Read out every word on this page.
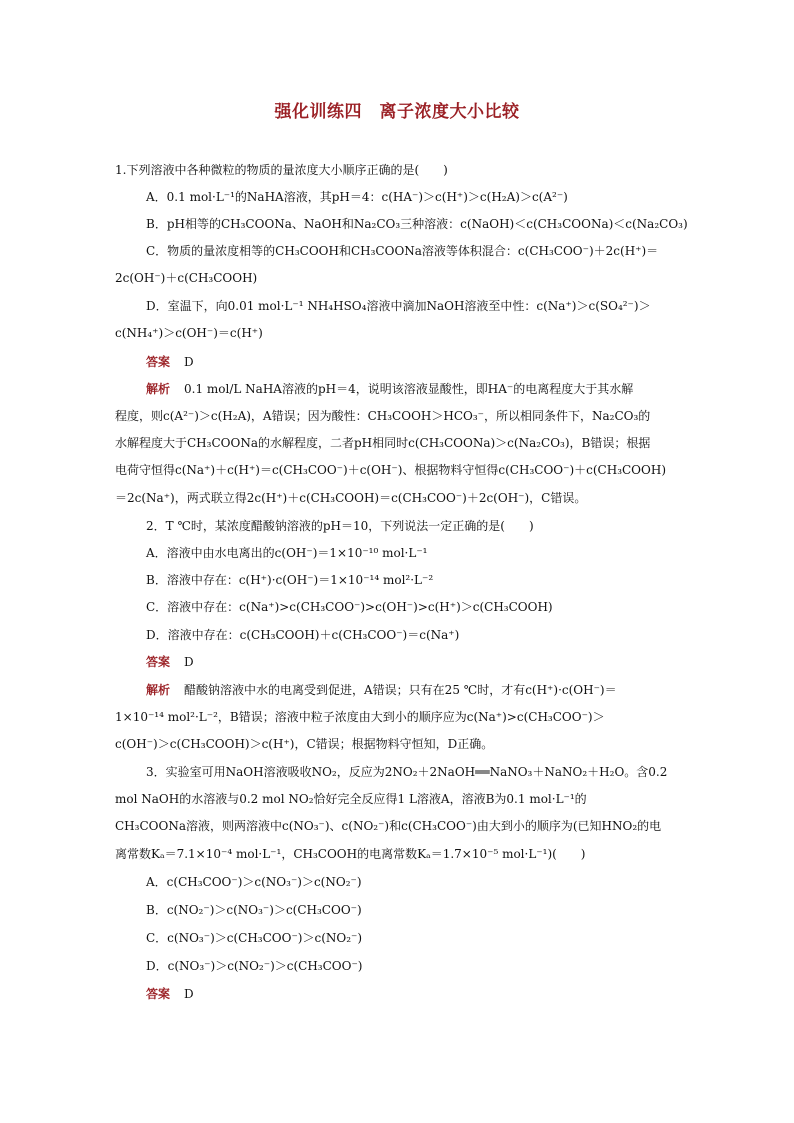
强化训练四　离子浓度大小比较
1.下列溶液中各种微粒的物质的量浓度大小顺序正确的是(　　)
A．0.1 mol·L⁻¹的NaHA溶液，其pH＝4：c(HA⁻)＞c(H⁺)＞c(H₂A)＞c(A²⁻)
B．pH相等的CH₃COONa、NaOH和Na₂CO₃三种溶液：c(NaOH)＜c(CH₃COONa)＜c(Na₂CO₃)
C．物质的量浓度相等的CH₃COOH和CH₃COONa溶液等体积混合：c(CH₃COO⁻)＋2c(H⁺)＝
2c(OH⁻)＋c(CH₃COOH)
D．室温下，向0.01 mol·L⁻¹ NH₄HSO₄溶液中滴加NaOH溶液至中性：c(Na⁺)＞c(SO₄²⁻)＞
c(NH₄⁺)＞c(OH⁻)＝c(H⁺)
答案 D
解析 0.1 mol/L NaHA溶液的pH＝4，说明该溶液显酸性，即HA⁻的电离程度大于其水解
程度，则c(A²⁻)＞c(H₂A)，A错误；因为酸性：CH₃COOH＞HCO₃⁻，所以相同条件下，Na₂CO₃的
水解程度大于CH₃COONa的水解程度，二者pH相同时c(CH₃COONa)＞c(Na₂CO₃)，B错误；根据
电荷守恒得c(Na⁺)＋c(H⁺)＝c(CH₃COO⁻)＋c(OH⁻)、根据物料守恒得c(CH₃COO⁻)＋c(CH₃COOH)
＝2c(Na⁺)，两式联立得2c(H⁺)＋c(CH₃COOH)＝c(CH₃COO⁻)＋2c(OH⁻)，C错误。
2．T ℃时，某浓度醋酸钠溶液的pH＝10，下列说法一定正确的是(　　)
A．溶液中由水电离出的c(OH⁻)＝1×10⁻¹⁰ mol·L⁻¹
B．溶液中存在：c(H⁺)·c(OH⁻)＝1×10⁻¹⁴ mol²·L⁻²
C．溶液中存在：c(Na⁺)>c(CH₃COO⁻)>c(OH⁻)>c(H⁺)＞c(CH₃COOH)
D．溶液中存在：c(CH₃COOH)＋c(CH₃COO⁻)＝c(Na⁺)
答案 D
解析 醋酸钠溶液中水的电离受到促进，A错误；只有在25 ℃时，才有c(H⁺)·c(OH⁻)＝
1×10⁻¹⁴ mol²·L⁻²，B错误；溶液中粒子浓度由大到小的顺序应为c(Na⁺)>c(CH₃COO⁻)＞
c(OH⁻)＞c(CH₃COOH)＞c(H⁺)，C错误；根据物料守恒知，D正确。
3．实验室可用NaOH溶液吸收NO₂，反应为2NO₂＋2NaOH══NaNO₃＋NaNO₂＋H₂O。含0.2
mol NaOH的水溶液与0.2 mol NO₂恰好完全反应得1 L溶液A，溶液B为0.1 mol·L⁻¹的
CH₃COONa溶液，则两溶液中c(NO₃⁻)、c(NO₂⁻)和c(CH₃COO⁻)由大到小的顺序为(已知HNO₂的电
离常数Kₐ＝7.1×10⁻⁴ mol·L⁻¹，CH₃COOH的电离常数Kₐ＝1.7×10⁻⁵ mol·L⁻¹)(　　)
A．c(CH₃COO⁻)＞c(NO₃⁻)＞c(NO₂⁻)
B．c(NO₂⁻)＞c(NO₃⁻)＞c(CH₃COO⁻)
C．c(NO₃⁻)＞c(CH₃COO⁻)＞c(NO₂⁻)
D．c(NO₃⁻)＞c(NO₂⁻)＞c(CH₃COO⁻)
答案 D
